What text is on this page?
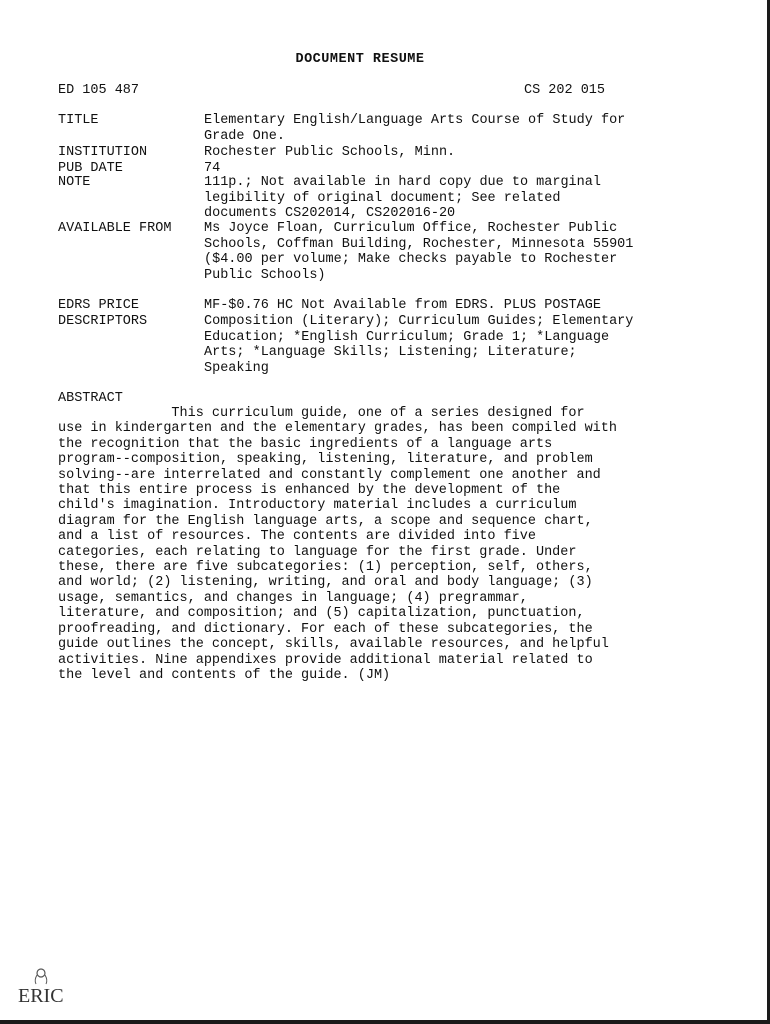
DOCUMENT RESUME
ED 105 487	CS 202 015
TITLE	Elementary English/Language Arts Course of Study for
Grade One.
INSTITUTION	Rochester Public Schools, Minn.
PUB DATE	74
NOTE	111p.; Not available in hard copy due to marginal
legibility of original document; See related
documents CS202014, CS202016-20
AVAILABLE FROM	Ms Joyce Floan, Curriculum Office, Rochester Public
Schools, Coffman Building, Rochester, Minnesota 55901
($4.00 per volume; Make checks payable to Rochester
Public Schools)
EDRS PRICE	MF-$0.76 HC Not Available from EDRS. PLUS POSTAGE
DESCRIPTORS	Composition (Literary); Curriculum Guides; Elementary
Education; *English Curriculum; Grade 1; *Language
Arts; *Language Skills; Listening; Literature;
Speaking
ABSTRACT
This curriculum guide, one of a series designed for
use in kindergarten and the elementary grades, has been compiled with
the recognition that the basic ingredients of a language arts
program--composition, speaking, listening, literature, and problem
solving--are interrelated and constantly complement one another and
that this entire process is enhanced by the development of the
child's imagination. Introductory material includes a curriculum
diagram for the English language arts, a scope and sequence chart,
and a list of resources. The contents are divided into five
categories, each relating to language for the first grade. Under
these, there are five subcategories: (1) perception, self, others,
and world; (2) listening, writing, and oral and body language; (3)
usage, semantics, and changes in language; (4) pregrammar,
literature, and composition; and (5) capitalization, punctuation,
proofreading, and dictionary. For each of these subcategories, the
guide outlines the concept, skills, available resources, and helpful
activities. Nine appendixes provide additional material related to
the level and contents of the guide. (JM)
ERIC
